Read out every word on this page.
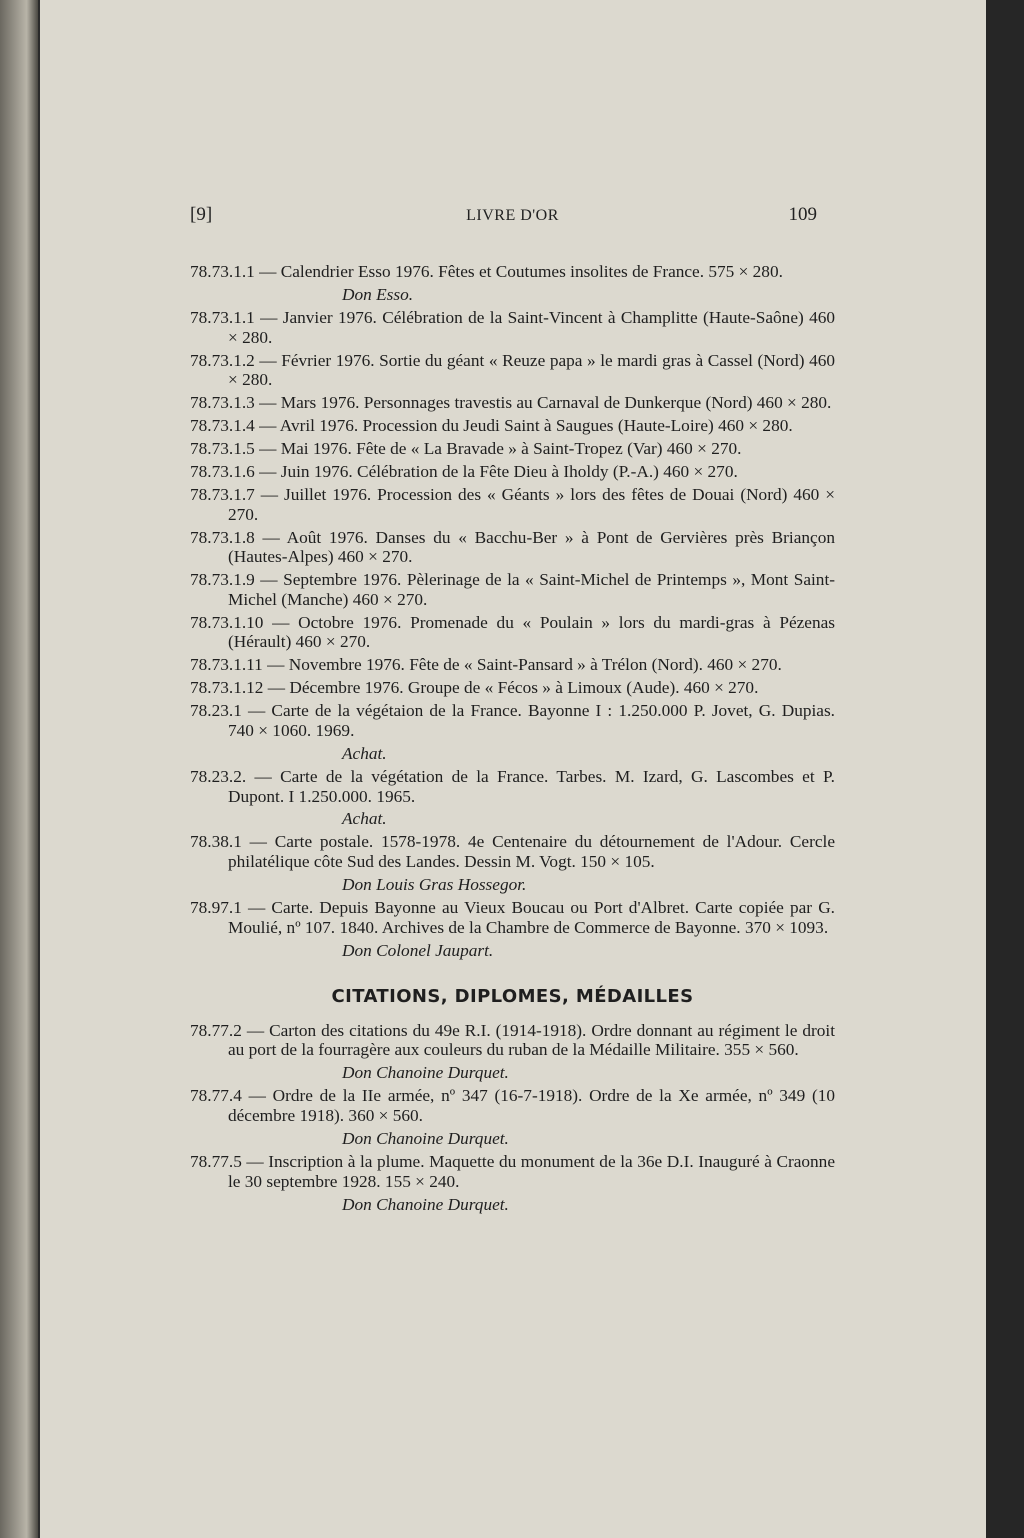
[9]	LIVRE D'OR	109
78.73.1.1 — Calendrier Esso 1976. Fêtes et Coutumes insolites de France. 575 × 280.
Don Esso.
78.73.1.1 — Janvier 1976. Célébration de la Saint-Vincent à Champlitte (Haute-Saône) 460 × 280.
78.73.1.2 — Février 1976. Sortie du géant « Reuze papa » le mardi gras à Cassel (Nord) 460 × 280.
78.73.1.3 — Mars 1976. Personnages travestis au Carnaval de Dunkerque (Nord) 460 × 280.
78.73.1.4 — Avril 1976. Procession du Jeudi Saint à Saugues (Haute-Loire) 460 × 280.
78.73.1.5 — Mai 1976. Fête de « La Bravade » à Saint-Tropez (Var) 460 × 270.
78.73.1.6 — Juin 1976. Célébration de la Fête Dieu à Iholdy (P.-A.) 460 × 270.
78.73.1.7 — Juillet 1976. Procession des « Géants » lors des fêtes de Douai (Nord) 460 × 270.
78.73.1.8 — Août 1976. Danses du « Bacchu-Ber » à Pont de Gervières près Briançon (Hautes-Alpes) 460 × 270.
78.73.1.9 — Septembre 1976. Pèlerinage de la « Saint-Michel de Printemps », Mont Saint-Michel (Manche) 460 × 270.
78.73.1.10 — Octobre 1976. Promenade du « Poulain » lors du mardi-gras à Pézenas (Hérault) 460 × 270.
78.73.1.11 — Novembre 1976. Fête de « Saint-Pansard » à Trélon (Nord). 460 × 270.
78.73.1.12 — Décembre 1976. Groupe de « Fécos » à Limoux (Aude). 460 × 270.
78.23.1 — Carte de la végétaion de la France. Bayonne I : 1.250.000 P. Jovet, G. Dupias. 740 × 1060. 1969.
Achat.
78.23.2. — Carte de la végétation de la France. Tarbes. M. Izard, G. Lascombes et P. Dupont. I 1.250.000. 1965.
Achat.
78.38.1 — Carte postale. 1578-1978. 4e Centenaire du détournement de l'Adour. Cercle philatélique côte Sud des Landes. Dessin M. Vogt. 150 × 105.
Don Louis Gras Hossegor.
78.97.1 — Carte. Depuis Bayonne au Vieux Boucau ou Port d'Albret. Carte copiée par G. Moulié, nº 107. 1840. Archives de la Chambre de Commerce de Bayonne. 370 × 1093.
Don Colonel Jaupart.
CITATIONS, DIPLOMES, MÉDAILLES
78.77.2 — Carton des citations du 49e R.I. (1914-1918). Ordre donnant au régiment le droit au port de la fourragère aux couleurs du ruban de la Médaille Militaire. 355 × 560.
Don Chanoine Durquet.
78.77.4 — Ordre de la IIe armée, nº 347 (16-7-1918). Ordre de la Xe armée, nº 349 (10 décembre 1918). 360 × 560.
Don Chanoine Durquet.
78.77.5 — Inscription à la plume. Maquette du monument de la 36e D.I. Inauguré à Craonne le 30 septembre 1928. 155 × 240.
Don Chanoine Durquet.
